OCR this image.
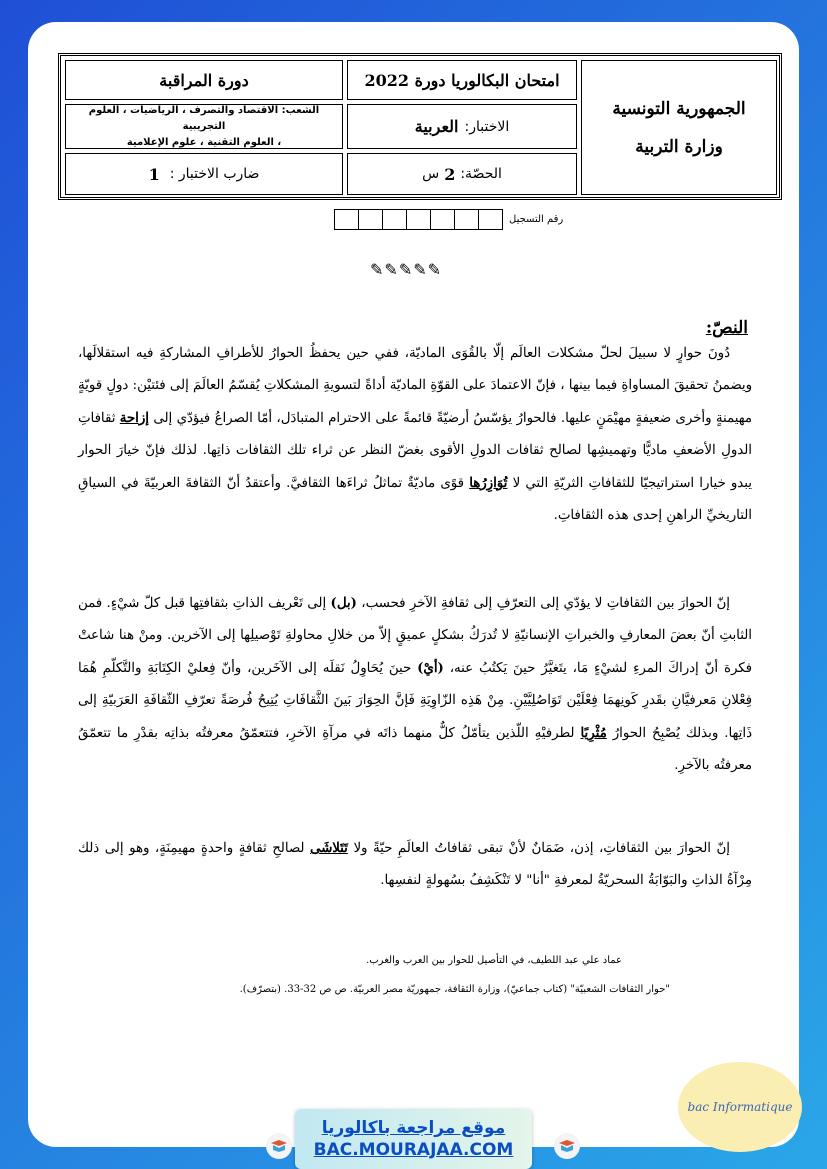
الجمهورية التونسية
وزارة التربية
امتحان البكالوريا دورة 2022
دورة المراقبة
الاختبار:
العربية
الشعب: الاقتصاد والتصرف ، الرياضيات ، العلوم التجريبية
، العلوم التقنية ، علوم الإعلامية
الحصّة:
2
س
ضارب الاختبار :
1
رقم التسجيل
✎✎✎✎✎
النصّ:

دُونَ حوارٍ لا سبيلَ لحلّ مشكلات العالَم إلّا بالقُوَى الماديّة، ففي حين يحفظُ الحوارُ للأطرافِ المشاركةِ فيه استقلالَها، ويضمنُ تحقيقَ المساواةِ فيما بينها ، فإنّ الاعتمادَ على القوّةِ الماديّة أداةً لتسويةِ المشكلاتِ يُقسّمُ العالَمَ إلى فئتيْن: دولٍ قويّةٍ مهيمنةٍ وأخرى ضعيفةٍ مهيْمَنٍ عليها. فالحوارُ يؤسّسُ أرضيّةً قائمةً على الاحترام المتبادَل، أمّا الصراعُ فيؤدّي إلى إزاحة ثقافاتِ الدولِ الأضعفِ ماديًّا وتهميشِها لصالح ثقافات الدولِ الأقوى بغضّ النظر عن ثراء تلك الثقافات ذاتِها. لذلك فإنّ خيارَ الحوار يبدو خيارا استراتيجيّا للثقافاتِ الثريّةِ التي لا تُوَازِرُها قوًى ماديّةٌ تماثلُ ثراءَها الثقافيَّ. وأعتقدُ أنّ الثقافةَ العربيّةَ في السياقِ التاريخيِّ الراهنِ إحدى هذه الثقافاتِ.

إنّ الحوارَ بين الثقافاتِ لا يؤدّي إلى التعرّفِ إلى ثقافةِ الآخرِ فحسب، (بل) إلى تَعْريف الذاتِ بثقافتِها قبل كلّ شيْءٍ. فمن الثابتِ أنّ بعضَ المعارفِ والخبراتِ الإنسانيّةِ لا تُدرَكُ بشكلٍ عميقٍ إلاّ من خلالِ محاولةِ تَوْصيلِها إلى الآخرين. ومنْ هنا شاعتْ فكرة أنّ إدراكَ المرءِ لشيْءٍ مَا، يتَغيَّرُ حينَ يَكتُبُ عنه، (أيْ) حينَ يُحَاوِلُ نَقلَه إلى الآخَرين، وأنّ فِعليْ الكِتَابَةِ والتَّكلّمِ هُمَا فِعْلانِ مَعرفيَّانِ بقَدرِ كَونِهمَا فِعْلَيْن تَوَاصُلِيَّيْنِ. مِنْ هَذِه الزّاوِيَةِ فَإنَّ الحِوَارَ بَينَ الثَّقافَاتِ يُتِيحُ فُرصَةً تعرّفِ الثّقافَةِ العَرَبيّةِ إلى ذَاتِها. وبذلك يُصْبِحُ الحوارُ مُثْرِيًا لطرفيْهِ اللّذين يتأمّلُ كلٌّ منهما ذاتَه في مرآةِ الآخرِ، فتتعمّقُ معرفتُه بذاتِه بقدْرِ ما تتعمّقُ معرفتُه بالآخرِ.

إنّ الحوارَ بين الثقافاتِ، إذن، ضَمَانٌ لأنْ تبقى ثقافاتُ العالَمِ حيّةً ولا تَتَلاشَى لصالحِ ثقافةٍ واحدةٍ مهيمِنَةٍ، وهو إلى ذلك مِرْآةُ الذاتِ والبَوّابَةُ السحريّةُ لمعرفةِ "أنا" لا تَنْكَشِفُ بسُهولةٍ لنفسِها.

عماد علي عبد اللطيف، في التأصيل للحوار بين العرب والغرب.
"حوار الثقافات الشعبيّة" (كتاب جماعيّ)، وزارة الثقافة، جمهوريّة مصر العربيّة. ص ص 32-33. (بتصرّف).
موقع مراجعة باكالوريا
BAC.MOURAJAA.COM
bac Informatique
